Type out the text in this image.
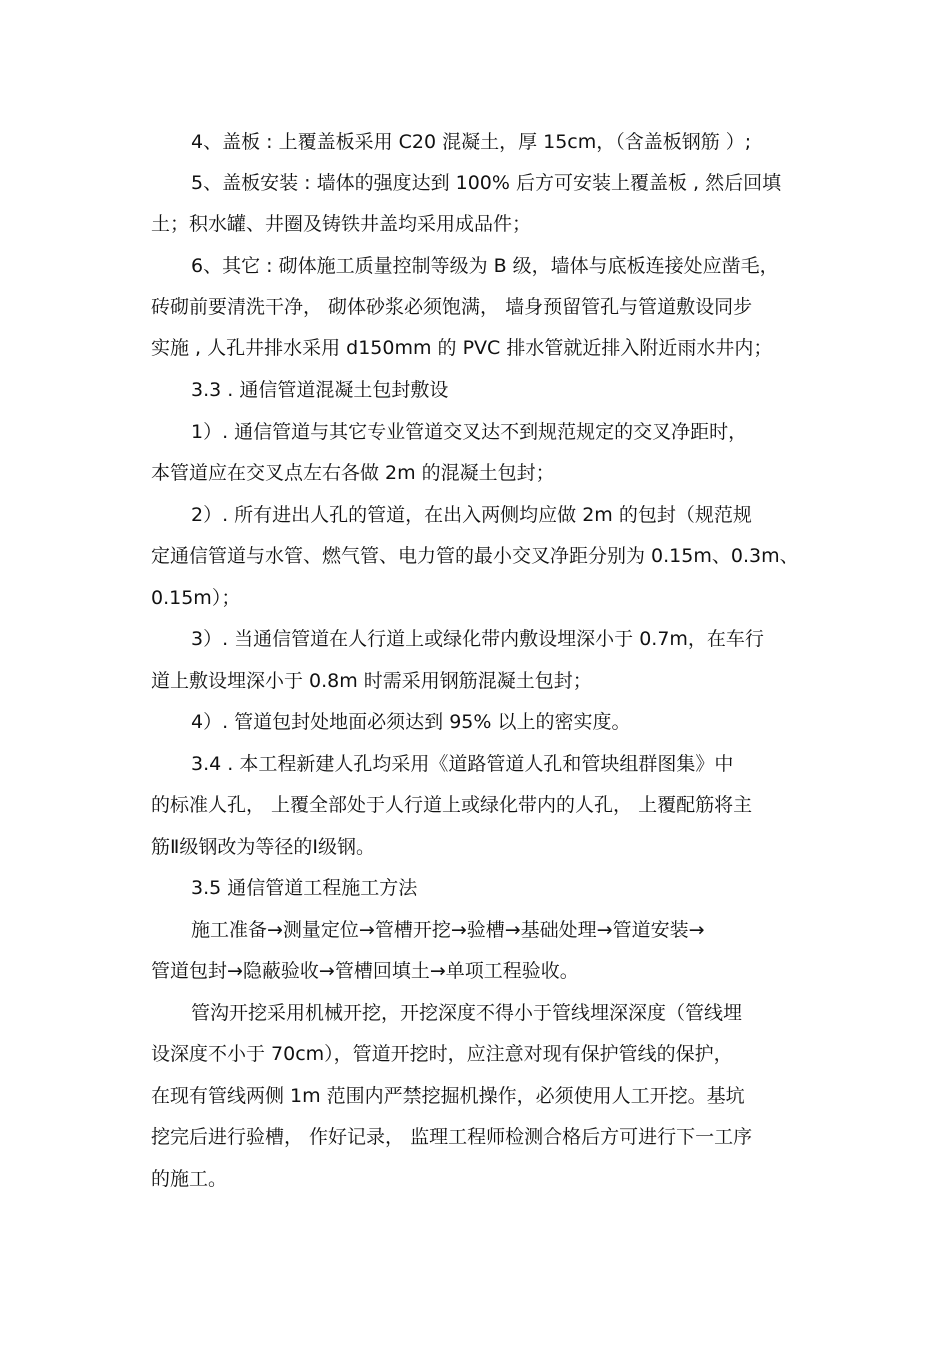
4、盖板 : 上覆盖板采用 C20 混凝土，厚 15cm，（含盖板钢筋 ）;
5、盖板安装 : 墙体的强度达到 100% 后方可安装上覆盖板 , 然后回填
土；积水罐、井圈及铸铁井盖均采用成品件；
6、其它 : 砌体施工质量控制等级为 B 级，墙体与底板连接处应凿毛，
砖砌前要清洗干净， 砌体砂浆必须饱满， 墙身预留管孔与管道敷设同步
实施 , 人孔井排水采用 d150mm 的 PVC 排水管就近排入附近雨水井内；
3.3 . 通信管道混凝土包封敷设
1）. 通信管道与其它专业管道交叉达不到规范规定的交叉净距时，
本管道应在交叉点左右各做 2m 的混凝土包封；
2）. 所有进出人孔的管道，在出入两侧均应做 2m 的包封（规范规
定通信管道与水管、燃气管、电力管的最小交叉净距分别为 0.15m、0.3m、
0.15m）；
3）. 当通信管道在人行道上或绿化带内敷设埋深小于 0.7m，在车行
道上敷设埋深小于 0.8m 时需采用钢筋混凝土包封；
4）. 管道包封处地面必须达到 95% 以上的密实度。
3.4 . 本工程新建人孔均采用《道路管道人孔和管块组群图集》中
的标准人孔， 上覆全部处于人行道上或绿化带内的人孔， 上覆配筋将主
筋Ⅱ级钢改为等径的Ⅰ级钢。
3.5 通信管道工程施工方法
施工准备→测量定位→管槽开挖→验槽→基础处理→管道安装→
管道包封→隐蔽验收→管槽回填土→单项工程验收。
管沟开挖采用机械开挖，开挖深度不得小于管线埋深深度（管线埋
设深度不小于 70cm），管道开挖时，应注意对现有保护管线的保护，
在现有管线两侧 1m 范围内严禁挖掘机操作，必须使用人工开挖。基坑
挖完后进行验槽， 作好记录， 监理工程师检测合格后方可进行下一工序
的施工。
